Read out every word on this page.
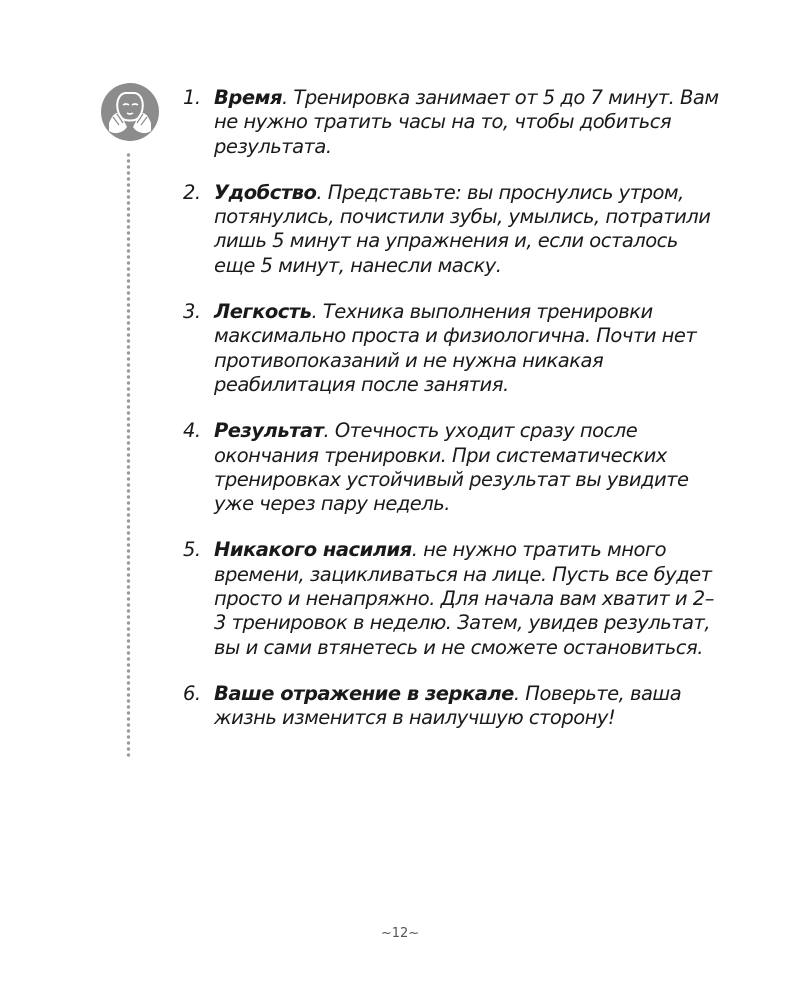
1. Время. Тренировка занимает от 5 до 7 минут. Вам не нужно тратить часы на то, чтобы добиться результата.
2. Удобство. Представьте: вы проснулись утром, потянулись, почистили зубы, умылись, потратили лишь 5 минут на упражнения и, если осталось еще 5 минут, нанесли маску.
3. Легкость. Техника выполнения тренировки максимально проста и физиологична. Почти нет противопоказаний и не нужна никакая реабилитация после занятия.
4. Результат. Отечность уходит сразу после окончания тренировки. При систематических тренировках устойчивый результат вы увидите уже через пару недель.
5. Никакого насилия. не нужно тратить много времени, зацикливаться на лице. Пусть все будет просто и ненапряжно. Для начала вам хватит и 2–3 тренировок в неделю. Затем, увидев результат, вы и сами втянетесь и не сможете остановиться.
6. Ваше отражение в зеркале. Поверьте, ваша жизнь изменится в наилучшую сторону!
~12~
